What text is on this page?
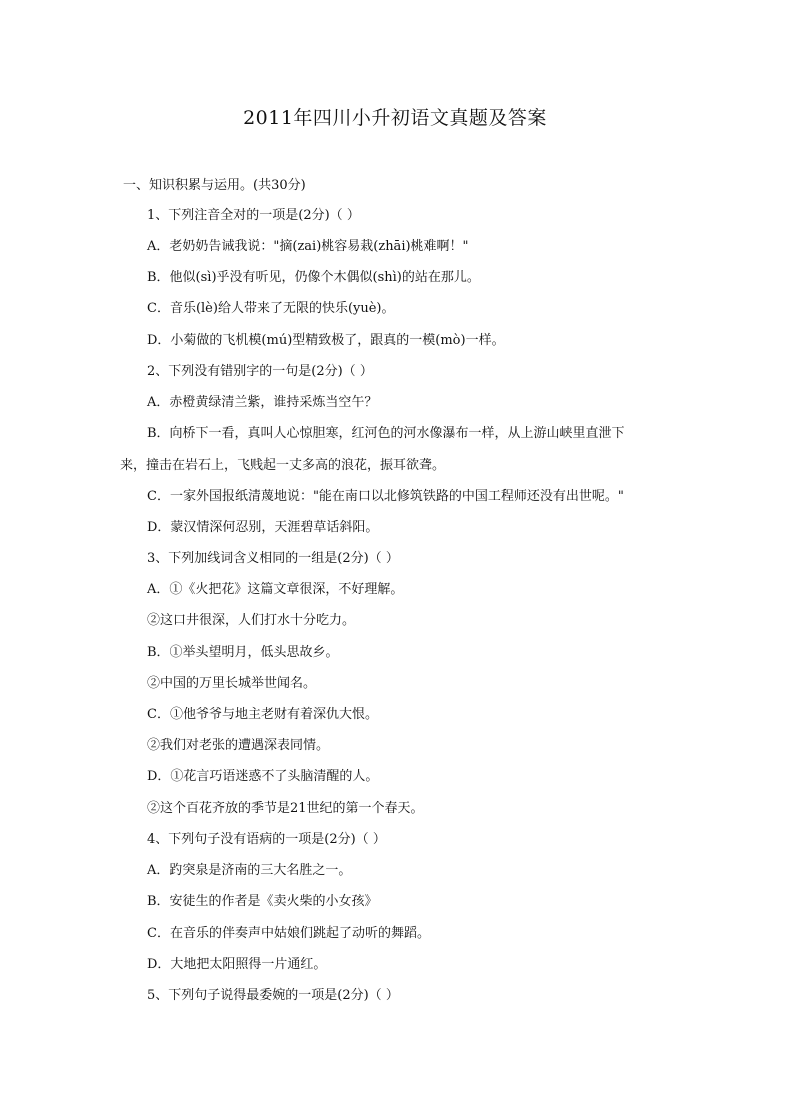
2011年四川小升初语文真题及答案
一、知识积累与运用。(共30分)
1、下列注音全对的一项是(2分)（ ）
A．老奶奶告诫我说："摘(zai)桃容易栽(zhāi)桃难啊！"
B．他似(sì)乎没有听见，仍像个木偶似(shì)的站在那儿。
C．音乐(lè)给人带来了无限的快乐(yuè)。
D．小菊做的飞机模(mú)型精致极了，跟真的一模(mò)一样。
2、下列没有错别字的一句是(2分)（ ）
A．赤橙黄绿清兰紫，谁持采炼当空午？
B．向桥下一看，真叫人心惊胆寒，红河色的河水像瀑布一样，从上游山峡里直泄下
来，撞击在岩石上，飞贱起一丈多高的浪花，振耳欲聋。
C．一家外国报纸清蔑地说："能在南口以北修筑铁路的中国工程师还没有出世呢。"
D．蒙汉情深何忍别，天涯碧草话斜阳。
3、下列加线词含义相同的一组是(2分)（ ）
A．①《火把花》这篇文章很深，不好理解。
②这口井很深，人们打水十分吃力。
B．①举头望明月，低头思故乡。
②中国的万里长城举世闻名。
C．①他爷爷与地主老财有着深仇大恨。
②我们对老张的遭遇深表同情。
D．①花言巧语迷惑不了头脑清醒的人。
②这个百花齐放的季节是21世纪的第一个春天。
4、下列句子没有语病的一项是(2分)（ ）
A．趵突泉是济南的三大名胜之一。
B．安徒生的作者是《卖火柴的小女孩》
C．在音乐的伴奏声中姑娘们跳起了动听的舞蹈。
D．大地把太阳照得一片通红。
5、下列句子说得最委婉的一项是(2分)（ ）
